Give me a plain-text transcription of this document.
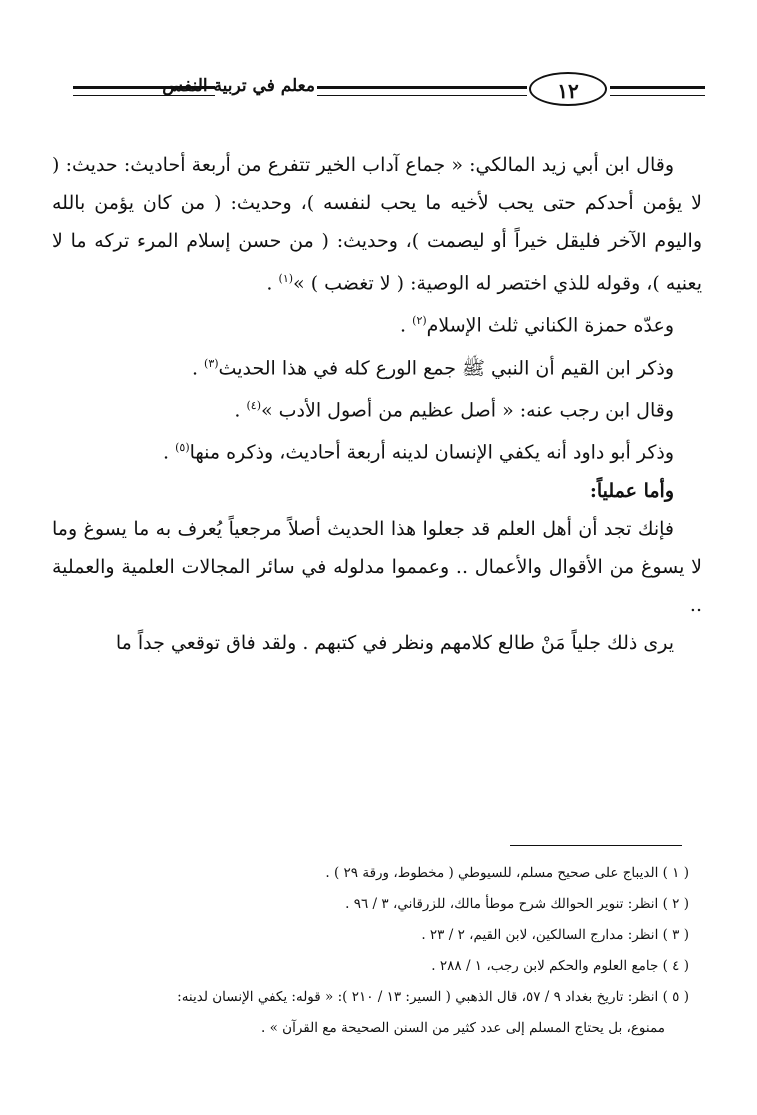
معلم في تربية النفس	١٢

وقال ابن أبي زيد المالكي: « جماع آداب الخير تتفرع من أربعة أحاديث: حديث: ( لا يؤمن أحدكم حتى يحب لأخيه ما يحب لنفسه )، وحديث: ( من كان يؤمن بالله واليوم الآخر فليقل خيراً أو ليصمت )، وحديث: ( من حسن إسلام المرء تركه ما لا يعنيه )، وقوله للذي اختصر له الوصية: ( لا تغضب ) »$^{(١)}$ .

وعدّه حمزة الكناني ثلث الإسلام$^{(٢)}$ .

وذكر ابن القيم أن النبي ﷺ جمع الورع كله في هذا الحديث$^{(٣)}$ .

وقال ابن رجب عنه: « أصل عظيم من أصول الأدب »$^{(٤)}$ .

وذكر أبو داود أنه يكفي الإنسان لدينه أربعة أحاديث، وذكره منها$^{(٥)}$ .

وأما عملياً:

فإنك تجد أن أهل العلم قد جعلوا هذا الحديث أصلاً مرجعياً يُعرف به ما يسوغ وما لا يسوغ من الأقوال والأعمال .. وعمموا مدلوله في سائر المجالات العلمية والعملية ..

يرى ذلك جلياً مَنْ طالع كلامهم ونظر في كتبهم . ولقد فاق توقعي جداً ما

( ١ ) الديباج على صحيح مسلم، للسيوطي ( مخطوط، ورقة ٢٩ ) .

( ٢ ) انظر: تنوير الحوالك شرح موطأ مالك، للزرقاني، ٣ / ٩٦ .

( ٣ ) انظر: مدارج السالكين، لابن القيم، ٢ / ٢٣ .

( ٤ ) جامع العلوم والحكم لابن رجب، ١ / ٢٨٨ .

( ٥ ) انظر: تاريخ بغداد ٩ / ٥٧، قال الذهبي ( السير: ١٣ / ٢١٠ ): « قوله: يكفي الإنسان لدينه:

ممنوع، بل يحتاج المسلم إلى عدد كثير من السنن الصحيحة مع القرآن » .
